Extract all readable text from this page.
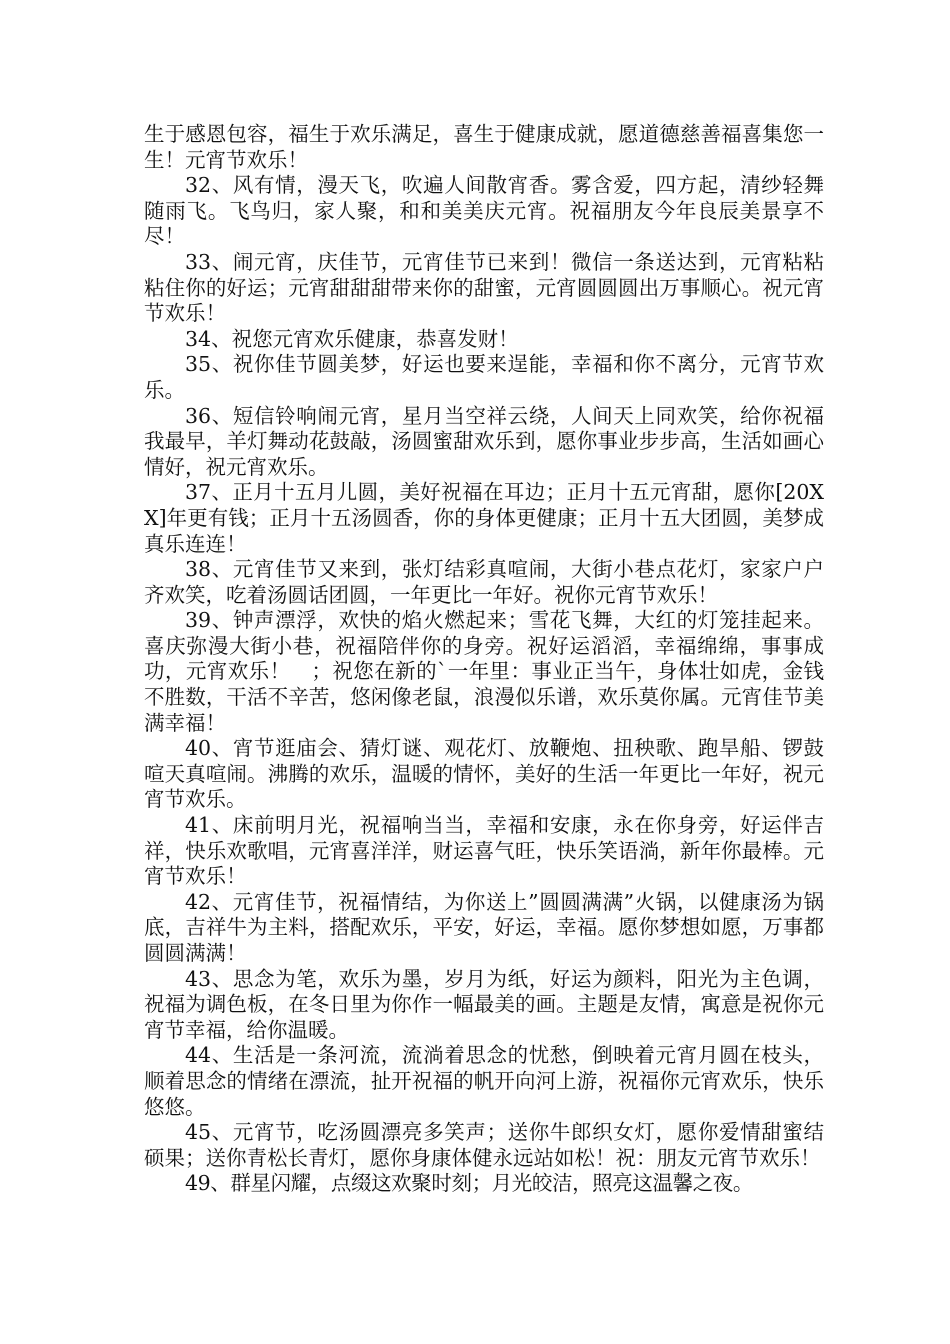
生于感恩包容，福生于欢乐满足，喜生于健康成就，愿道德慈善福喜集您一生！元宵节欢乐！

32、风有情，漫天飞，吹遍人间散宵香。雾含爱，四方起，清纱轻舞随雨飞。飞鸟归，家人聚，和和美美庆元宵。祝福朋友今年良辰美景享不尽！

33、闹元宵，庆佳节，元宵佳节已来到！微信一条送达到，元宵粘粘粘住你的好运；元宵甜甜甜带来你的甜蜜，元宵圆圆圆出万事顺心。祝元宵节欢乐！

34、祝您元宵欢乐健康，恭喜发财！

35、祝你佳节圆美梦，好运也要来逞能，幸福和你不离分，元宵节欢乐。

36、短信铃响闹元宵，星月当空祥云绕，人间天上同欢笑，给你祝福我最早，羊灯舞动花鼓敲，汤圆蜜甜欢乐到，愿你事业步步高，生活如画心情好，祝元宵欢乐。

37、正月十五月儿圆，美好祝福在耳边；正月十五元宵甜，愿你[20XX]年更有钱；正月十五汤圆香，你的身体更健康；正月十五大团圆，美梦成真乐连连！

38、元宵佳节又来到，张灯结彩真喧闹，大街小巷点花灯，家家户户齐欢笑，吃着汤圆话团圆，一年更比一年好。祝你元宵节欢乐！

39、钟声漂浮，欢快的焰火燃起来；雪花飞舞，大红的灯笼挂起来。喜庆弥漫大街小巷，祝福陪伴你的身旁。祝好运滔滔，幸福绵绵，事事成功，元宵欢乐！　；祝您在新的`一年里：事业正当午，身体壮如虎，金钱不胜数，干活不辛苦，悠闲像老鼠，浪漫似乐谱，欢乐莫你属。元宵佳节美满幸福！

40、宵节逛庙会、猜灯谜、观花灯、放鞭炮、扭秧歌、跑旱船、锣鼓喧天真喧闹。沸腾的欢乐，温暖的情怀，美好的生活一年更比一年好，祝元宵节欢乐。

41、床前明月光，祝福响当当，幸福和安康，永在你身旁，好运伴吉祥，快乐欢歌唱，元宵喜洋洋，财运喜气旺，快乐笑语淌，新年你最棒。元宵节欢乐！

42、元宵佳节，祝福情结，为你送上”圆圆满满”火锅，以健康汤为锅底，吉祥牛为主料，搭配欢乐，平安，好运，幸福。愿你梦想如愿，万事都圆圆满满！

43、思念为笔，欢乐为墨，岁月为纸，好运为颜料，阳光为主色调，祝福为调色板，在冬日里为你作一幅最美的画。主题是友情，寓意是祝你元宵节幸福，给你温暖。

44、生活是一条河流，流淌着思念的忧愁，倒映着元宵月圆在枝头，顺着思念的情绪在漂流，扯开祝福的帆开向河上游，祝福你元宵欢乐，快乐悠悠。

45、元宵节，吃汤圆漂亮多笑声；送你牛郎织女灯，愿你爱情甜蜜结硕果；送你青松长青灯，愿你身康体健永远站如松！祝：朋友元宵节欢乐！

49、群星闪耀，点缀这欢聚时刻；月光皎洁，照亮这温馨之夜。
